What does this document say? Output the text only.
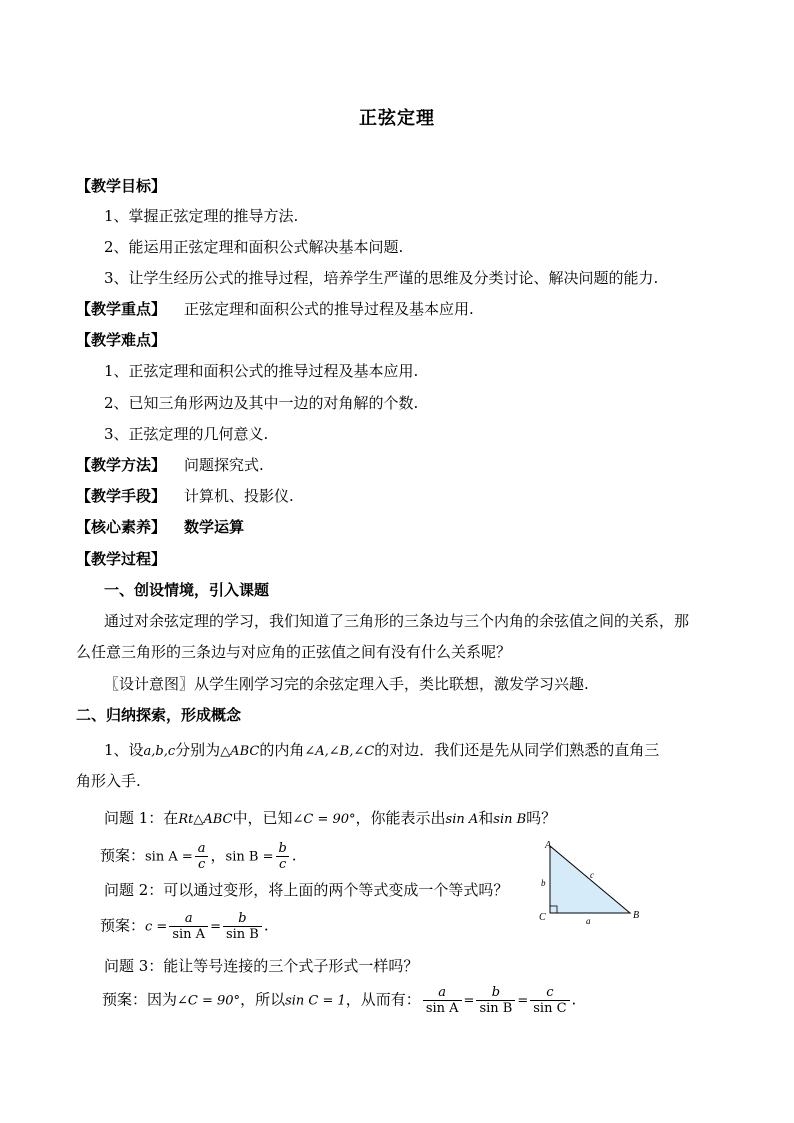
正弦定理
【教学目标】
1、掌握正弦定理的推导方法.
2、能运用正弦定理和面积公式解决基本问题.
3、让学生经历公式的推导过程，培养学生严谨的思维及分类讨论、解决问题的能力.
【教学重点】 正弦定理和面积公式的推导过程及基本应用.
【教学难点】
1、正弦定理和面积公式的推导过程及基本应用.
2、已知三角形两边及其中一边的对角解的个数.
3、正弦定理的几何意义.
【教学方法】 问题探究式.
【教学手段】 计算机、投影仪.
【核心素养】 数学运算
【教学过程】
一、创设情境，引入课题
通过对余弦定理的学习，我们知道了三角形的三条边与三个内角的余弦值之间的关系，那
么任意三角形的三条边与对应角的正弦值之间有没有什么关系呢？
〖设计意图〗从学生刚学习完的余弦定理入手，类比联想，激发学习兴趣.
二、归纳探索，形成概念
1、设a,b,c分别为△ABC的内角∠A,∠B,∠C的对边．我们还是先从同学们熟悉的直角三
角形入手.
问题 1：在Rt△ABC中，已知∠C = 90°，你能表示出sin A和sin B吗？
预案：$\sin A = \frac{a}{c}$ ，$\sin B = \frac{b}{c}$ .
问题 2：可以通过变形，将上面的两个等式变成一个等式吗？
预案：$c = \frac{a}{\text{sin A}} = \frac{b}{\text{sin B}}$ .
问题 3：能让等号连接的三个式子形式一样吗？
预案：因为∠C = 90°，所以sin C = 1，从而有： $\frac{a}{\text{sin A}} = \frac{b}{\text{sin B}} = \frac{c}{\text{sin C}}$ .
A
C	B
b
c
a
